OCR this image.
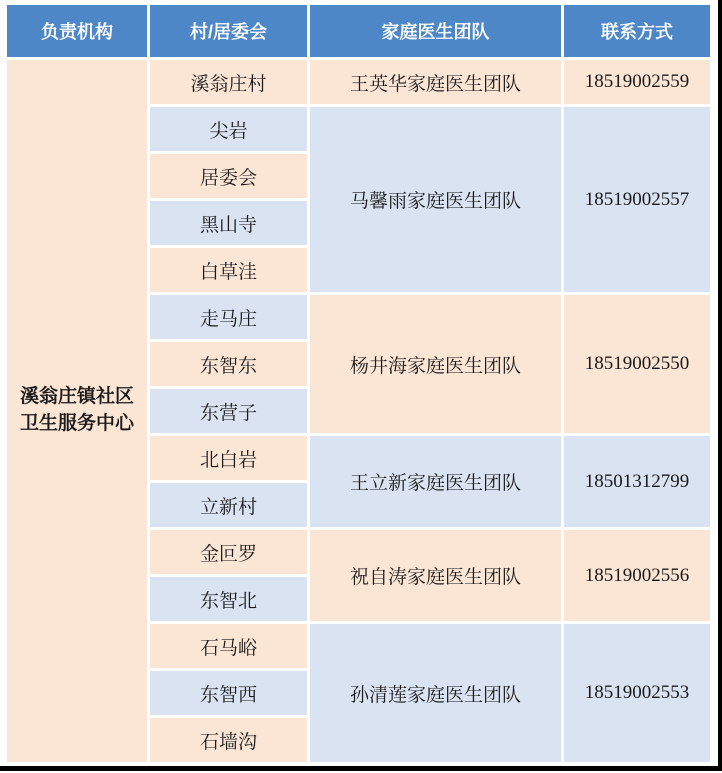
负责机构	村/居委会	家庭医生团队	联系方式
溪翁庄镇社区卫生服务中心	溪翁庄村	王英华家庭医生团队	18519002559
	尖岩	马馨雨家庭医生团队	18519002557
	居委会		
	黑山寺		
	白草洼		
	走马庄	杨井海家庭医生团队	18519002550
	东智东		
	东营子		
	北白岩	王立新家庭医生团队	18501312799
	立新村		
	金叵罗	祝自涛家庭医生团队	18519002556
	东智北		
	石马峪	孙清莲家庭医生团队	18519002553
	东智西		
	石墙沟		
